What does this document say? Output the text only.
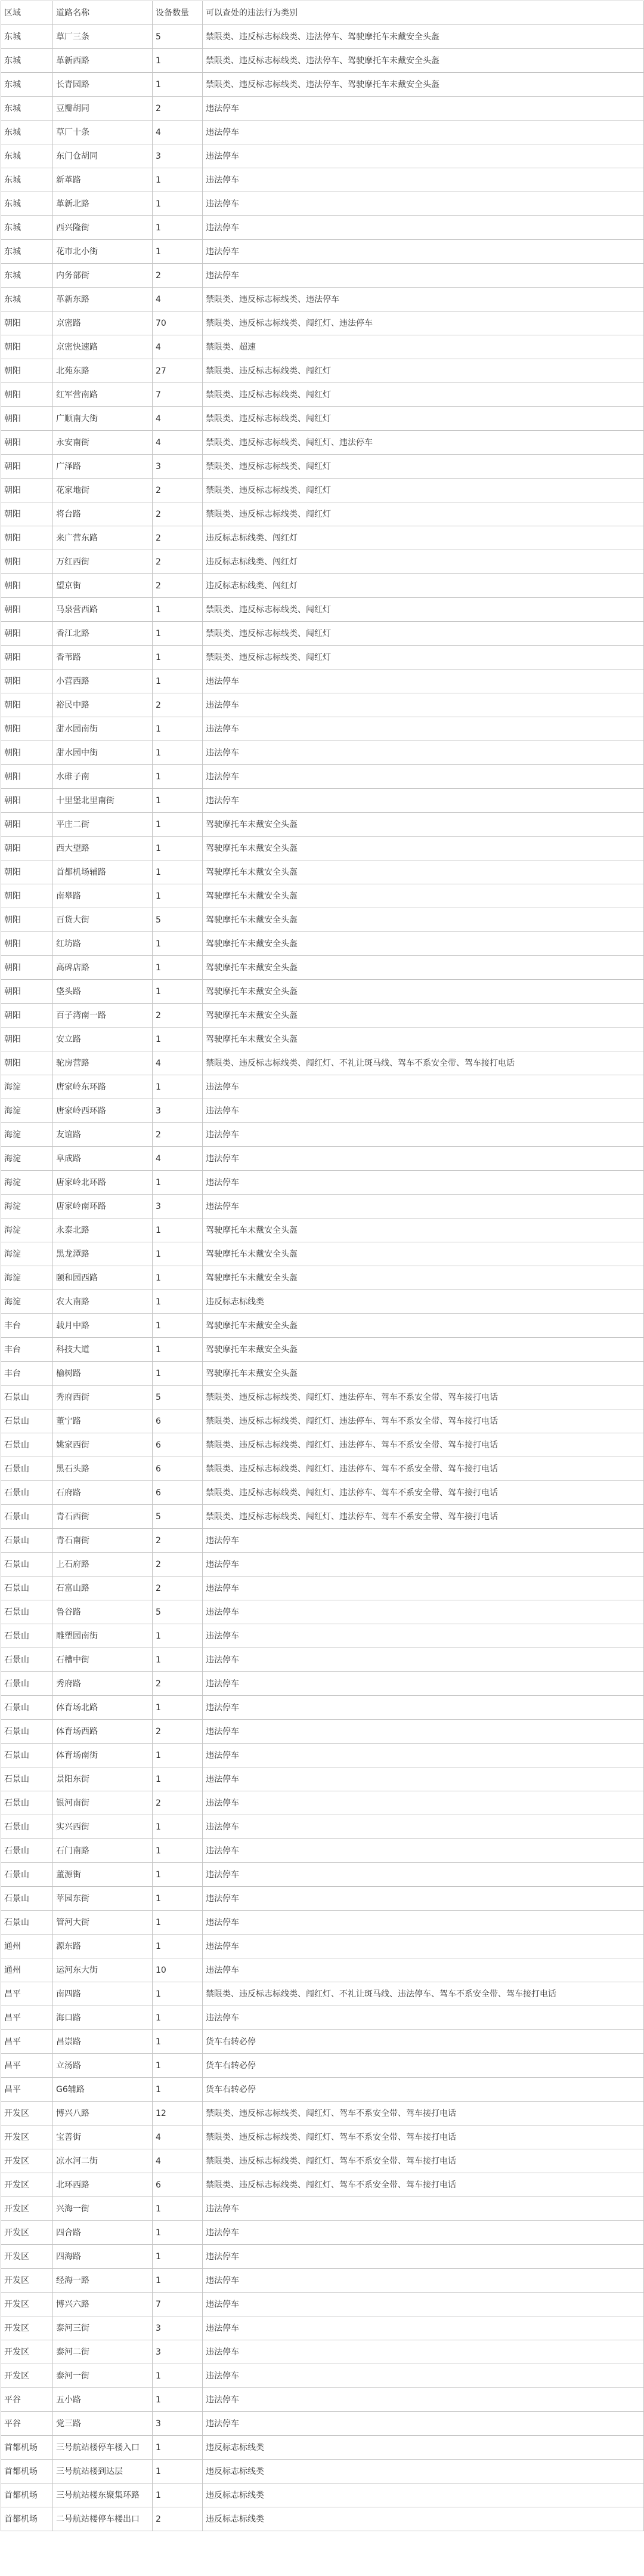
区域	道路名称	设备数量	可以查处的违法行为类别
东城	草厂三条	5	禁限类、违反标志标线类、违法停车、驾驶摩托车未戴安全头盔
东城	革新西路	1	禁限类、违反标志标线类、违法停车、驾驶摩托车未戴安全头盔
东城	长青园路	1	禁限类、违反标志标线类、违法停车、驾驶摩托车未戴安全头盔
东城	豆瓣胡同	2	违法停车
东城	草厂十条	4	违法停车
东城	东门仓胡同	3	违法停车
东城	新革路	1	违法停车
东城	革新北路	1	违法停车
东城	西兴隆街	1	违法停车
东城	花市北小街	1	违法停车
东城	内务部街	2	违法停车
东城	革新东路	4	禁限类、违反标志标线类、违法停车
朝阳	京密路	70	禁限类、违反标志标线类、闯红灯、违法停车
朝阳	京密快速路	4	禁限类、超速
朝阳	北苑东路	27	禁限类、违反标志标线类、闯红灯
朝阳	红军营南路	7	禁限类、违反标志标线类、闯红灯
朝阳	广顺南大街	4	禁限类、违反标志标线类、闯红灯
朝阳	永安南街	4	禁限类、违反标志标线类、闯红灯、违法停车
朝阳	广泽路	3	禁限类、违反标志标线类、闯红灯
朝阳	花家地街	2	禁限类、违反标志标线类、闯红灯
朝阳	将台路	2	禁限类、违反标志标线类、闯红灯
朝阳	来广营东路	2	违反标志标线类、闯红灯
朝阳	万红西街	2	违反标志标线类、闯红灯
朝阳	望京街	2	违反标志标线类、闯红灯
朝阳	马泉营西路	1	禁限类、违反标志标线类、闯红灯
朝阳	香江北路	1	禁限类、违反标志标线类、闯红灯
朝阳	香苇路	1	禁限类、违反标志标线类、闯红灯
朝阳	小营西路	1	违法停车
朝阳	裕民中路	2	违法停车
朝阳	甜水园南街	1	违法停车
朝阳	甜水园中街	1	违法停车
朝阳	水碓子南	1	违法停车
朝阳	十里堡北里南街	1	违法停车
朝阳	平庄二街	1	驾驶摩托车未戴安全头盔
朝阳	西大望路	1	驾驶摩托车未戴安全头盔
朝阳	首都机场辅路	1	驾驶摩托车未戴安全头盔
朝阳	南皋路	1	驾驶摩托车未戴安全头盔
朝阳	百货大街	5	驾驶摩托车未戴安全头盔
朝阳	红坊路	1	驾驶摩托车未戴安全头盔
朝阳	高碑店路	1	驾驶摩托车未戴安全头盔
朝阳	垡头路	1	驾驶摩托车未戴安全头盔
朝阳	百子湾南一路	2	驾驶摩托车未戴安全头盔
朝阳	安立路	1	驾驶摩托车未戴安全头盔
朝阳	驼房营路	4	禁限类、违反标志标线类、闯红灯、不礼让斑马线、驾车不系安全带、驾车接打电话
海淀	唐家岭东环路	1	违法停车
海淀	唐家岭西环路	3	违法停车
海淀	友谊路	2	违法停车
海淀	阜成路	4	违法停车
海淀	唐家岭北环路	1	违法停车
海淀	唐家岭南环路	3	违法停车
海淀	永泰北路	1	驾驶摩托车未戴安全头盔
海淀	黑龙潭路	1	驾驶摩托车未戴安全头盔
海淀	颐和园西路	1	驾驶摩托车未戴安全头盔
海淀	农大南路	1	违反标志标线类
丰台	载月中路	1	驾驶摩托车未戴安全头盔
丰台	科技大道	1	驾驶摩托车未戴安全头盔
丰台	榆树路	1	驾驶摩托车未戴安全头盔
石景山	秀府西街	5	禁限类、违反标志标线类、闯红灯、违法停车、驾车不系安全带、驾车接打电话
石景山	董宁路	6	禁限类、违反标志标线类、闯红灯、违法停车、驾车不系安全带、驾车接打电话
石景山	姚家西街	6	禁限类、违反标志标线类、闯红灯、违法停车、驾车不系安全带、驾车接打电话
石景山	黑石头路	6	禁限类、违反标志标线类、闯红灯、违法停车、驾车不系安全带、驾车接打电话
石景山	石府路	6	禁限类、违反标志标线类、闯红灯、违法停车、驾车不系安全带、驾车接打电话
石景山	青石西街	5	禁限类、违反标志标线类、闯红灯、违法停车、驾车不系安全带、驾车接打电话
石景山	青石南街	2	违法停车
石景山	上石府路	2	违法停车
石景山	石富山路	2	违法停车
石景山	鲁谷路	5	违法停车
石景山	雕塑园南街	1	违法停车
石景山	石槽中街	1	违法停车
石景山	秀府路	2	违法停车
石景山	体育场北路	1	违法停车
石景山	体育场西路	2	违法停车
石景山	体育场南街	1	违法停车
石景山	景阳东街	1	违法停车
石景山	银河南街	2	违法停车
石景山	实兴西街	1	违法停车
石景山	石门南路	1	违法停车
石景山	董源街	1	违法停车
石景山	苹园东街	1	违法停车
石景山	管河大街	1	违法停车
通州	源东路	1	违法停车
通州	运河东大街	10	违法停车
昌平	南四路	1	禁限类、违反标志标线类、闯红灯、不礼让斑马线、违法停车、驾车不系安全带、驾车接打电话
昌平	海口路	1	违法停车
昌平	昌崇路	1	货车右转必停
昌平	立汤路	1	货车右转必停
昌平	G6辅路	1	货车右转必停
开发区	博兴八路	12	禁限类、违反标志标线类、闯红灯、驾车不系安全带、驾车接打电话
开发区	宝善街	4	禁限类、违反标志标线类、闯红灯、驾车不系安全带、驾车接打电话
开发区	凉水河二街	4	禁限类、违反标志标线类、闯红灯、驾车不系安全带、驾车接打电话
开发区	北环西路	6	禁限类、违反标志标线类、闯红灯、驾车不系安全带、驾车接打电话
开发区	兴海一街	1	违法停车
开发区	四合路	1	违法停车
开发区	四海路	1	违法停车
开发区	经海一路	1	违法停车
开发区	博兴六路	7	违法停车
开发区	泰河三街	3	违法停车
开发区	泰河二街	3	违法停车
开发区	泰河一街	1	违法停车
平谷	五小路	1	违法停车
平谷	党三路	3	违法停车
首都机场	三号航站楼停车楼入口	1	违反标志标线类
首都机场	三号航站楼到达层	1	违反标志标线类
首都机场	三号航站楼东聚集环路	1	违反标志标线类
首都机场	二号航站楼停车楼出口	2	违反标志标线类
